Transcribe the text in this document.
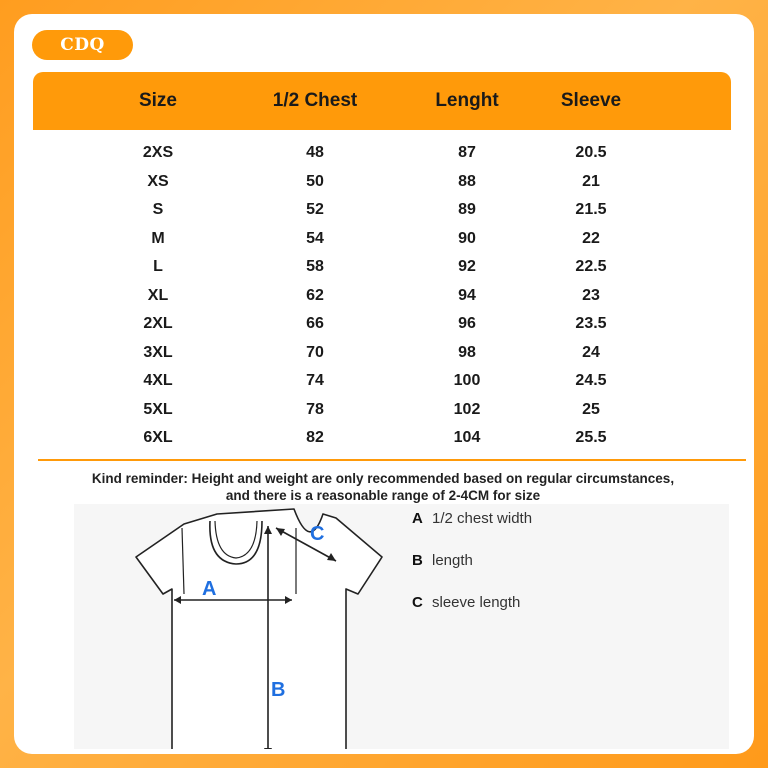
CDQ
Size	1/2 Chest	Lenght	Sleeve
2XS	48	87	20.5
XS	50	88	21
S	52	89	21.5
M	54	90	22
L	58	92	22.5
XL	62	94	23
2XL	66	96	23.5
3XL	70	98	24
4XL	74	100	24.5
5XL	78	102	25
6XL	82	104	25.5
Kind reminder: Height and weight are only recommended based on regular circumstances,
and there is a reasonable range of 2-4CM for size
A
B
C
A 1/2 chest width
B length
C sleeve length
